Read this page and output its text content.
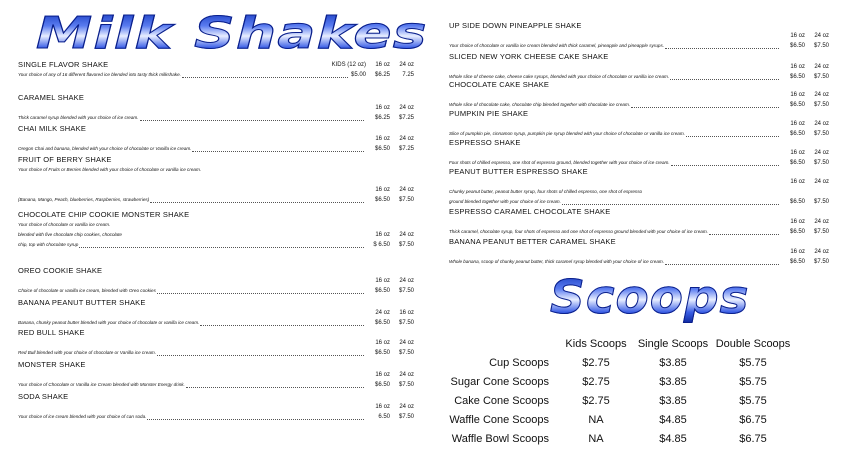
Milk Shakes
Scoops
SINGLE FLAVOR SHAKE	KIDS (12 oz)	16 oz	24 oz
Your choice of any of 16 different flavored ice blended into tasty thick milkshake.	$5.00	$6.25	7.25
CARAMEL SHAKE
16 oz	24 oz
Thick caramel syrup blended with your choice of ice cream.	$6.25	$7.25
CHAI MILK SHAKE
16 oz	24 oz
Oregon Chai and banana, blended with your choice of chocolate or Vanilla ice cream.	$6.50	$7.25
FRUIT OF BERRY SHAKE
16 oz	24 oz
Your choice of Fruits or Berries blended with your choice of chocolate or vanilla ice cream.
(Banana, Mango, Peach, blueberries, Raspberries, strawberries)	$6.50	$7.50
CHOCOLATE CHIP COOKIE MONSTER SHAKE
16 oz	24 oz
Your choice of chocolate or vanilla ice cream.
blended with five chocolate chip cookies, chocolate
chip, top with chocolate syrup	$ 6.50	$7.50
OREO COOKIE SHAKE
16 oz	24 oz
Choice of chocolate or vanilla ice cream, blended with Oreo cookies	$6.50	$7.50
BANANA PEANUT BUTTER SHAKE
24 oz	16 oz
Banana, chunky peanut butter blended with your choice of chocolate or vanilla ice cream.	$6.50	$7.50
RED BULL SHAKE
16 oz	24 oz
Red Bull blended with your choice of chocolate or Vanilla ice cream.	$6.50	$7.50
MONSTER SHAKE
16 oz	24 oz
Your choice of Chocolate or Vanilla ice Cream blended with Monster Energy drink.	$6.50	$7.50
SODA SHAKE
16 oz	24 oz
Your choice of ice cream blended with your choice of can soda.	6.50	$7.50
UP SIDE DOWN PINEAPPLE SHAKE
16 oz	24 oz
Your choice of chocolate or vanilla ice cream blended with thick caramel, pineapple and pineapple syrups.	$6.50	$7.50
SLICED NEW YORK CHEESE CAKE SHAKE
16 oz	24 oz
Whole slice of cheese cake, cheese cake syrups, blended with your choice of chocolate or vanilla ice cream.	$6.50	$7.50
CHOCOLATE CAKE SHAKE
16 oz	24 oz
Whole slice of chocolate cake, chocolate chip blended together with chocolate ice cream.	$6.50	$7.50
PUMPKIN PIE SHAKE
16 oz	24 oz
Slice of pumpkin pie, cinnamon syrup, pumpkin pie syrup blended with your choice of chocolate or vanilla ice cream.	$6.50	$7.50
ESPRESSO SHAKE
16 oz	24 oz
Four shots of chilled espresso, one shot of espresso ground, blended together with your choice of ice cream.	$6.50	$7.50
PEANUT BUTTER ESPRESSO SHAKE
16 oz	24 oz
Chunky peanut butter, peanut butter syrup, four shots of chilled espresso, one shot of espresso
ground blended together with your choice of ice cream.	$6.50	$7.50
ESPRESSO CARAMEL CHOCOLATE SHAKE
16 oz	24 oz
Thick caramel, chocolate syrup, four shots of espresso and one shot of espresso ground blended with your choice of ice cream.	$6.50	$7.50
BANANA PEANUT BETTER CARAMEL SHAKE
16 oz	24 oz
Whole banana, scoop of chunky peanut butter, thick caramel syrup blended with your choice of ice cream.	$6.50	$7.50
	Kids Scoops	Single Scoops	Double Scoops
Cup Scoops	$2.75	$3.85	$5.75
Sugar Cone Scoops	$2.75	$3.85	$5.75
Cake Cone Scoops	$2.75	$3.85	$5.75
Waffle Cone Scoops	NA	$4.85	$6.75
Waffle Bowl Scoops	NA	$4.85	$6.75
